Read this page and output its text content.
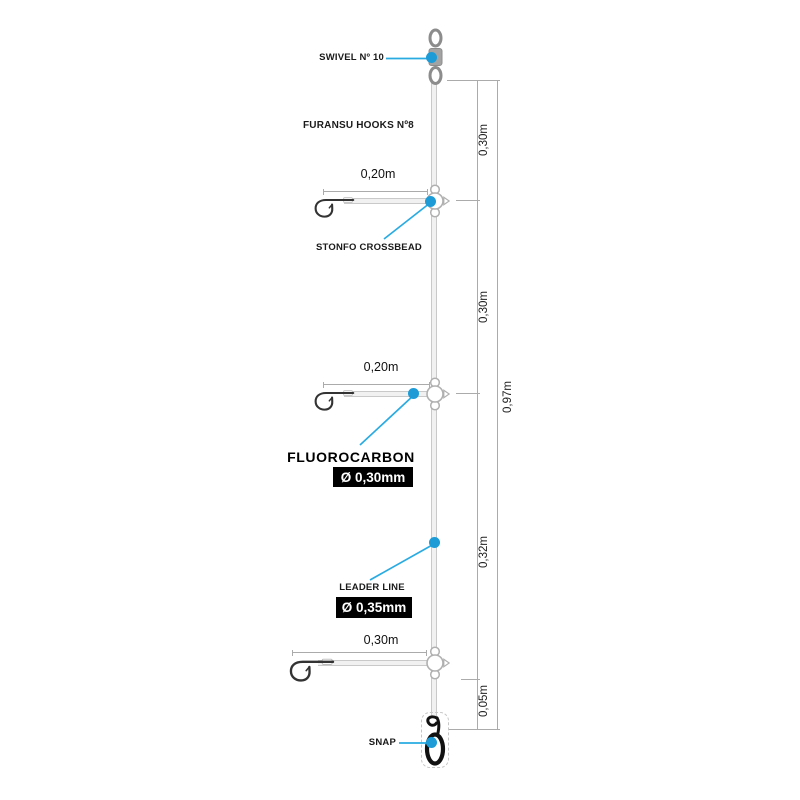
0,20m
0,20m
0,30m
0,30m
0,30m
0,32m
0,05m
0,97m
SWIVEL Nº 10
FURANSU HOOKS Nº8
STONFO CROSSBEAD
FLUOROCARBON
Ø 0,30mm
LEADER LINE
Ø 0,35mm
SNAP
